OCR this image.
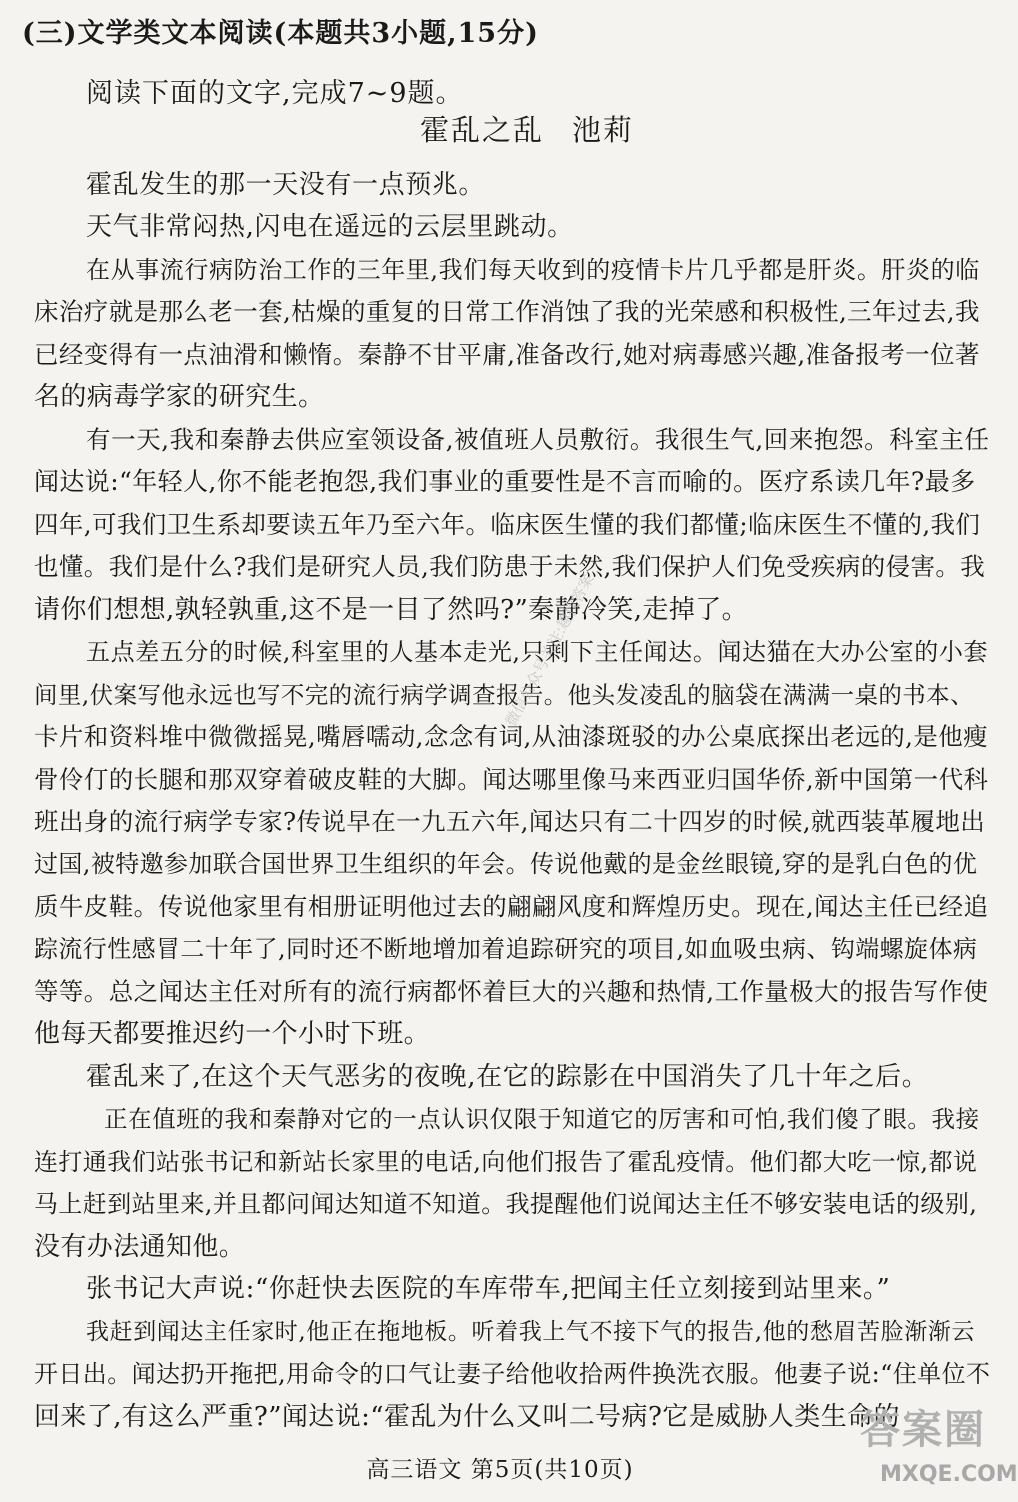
(三)文学类文本阅读(本题共3小题,15分)
阅读下面的文字,完成7~9题。
霍乱之乱 池莉
霍乱发生的那一天没有一点预兆。
天气非常闷热,闪电在遥远的云层里跳动。
在从事流行病防治工作的三年里,我们每天收到的疫情卡片几乎都是肝炎。肝炎的临
床治疗就是那么老一套,枯燥的重复的日常工作消蚀了我的光荣感和积极性,三年过去,我
已经变得有一点油滑和懒惰。秦静不甘平庸,准备改行,她对病毒感兴趣,准备报考一位著
名的病毒学家的研究生。
有一天,我和秦静去供应室领设备,被值班人员敷衍。我很生气,回来抱怨。科室主任
闻达说:“年轻人,你不能老抱怨,我们事业的重要性是不言而喻的。医疗系读几年?最多
四年,可我们卫生系却要读五年乃至六年。临床医生懂的我们都懂;临床医生不懂的,我们
也懂。我们是什么?我们是研究人员,我们防患于未然,我们保护人们免受疾病的侵害。我
请你们想想,孰轻孰重,这不是一目了然吗?”秦静冷笑,走掉了。
五点差五分的时候,科室里的人基本走光,只剩下主任闻达。闻达猫在大办公室的小套
间里,伏案写他永远也写不完的流行病学调查报告。他头发凌乱的脑袋在满满一桌的书本、
卡片和资料堆中微微摇晃,嘴唇嚅动,念念有词,从油漆斑驳的办公桌底探出老远的,是他瘦
骨伶仃的长腿和那双穿着破皮鞋的大脚。闻达哪里像马来西亚归国华侨,新中国第一代科
班出身的流行病学专家?传说早在一九五六年,闻达只有二十四岁的时候,就西装革履地出
过国,被特邀参加联合国世界卫生组织的年会。传说他戴的是金丝眼镜,穿的是乳白色的优
质牛皮鞋。传说他家里有相册证明他过去的翩翩风度和辉煌历史。现在,闻达主任已经追
踪流行性感冒二十年了,同时还不断地增加着追踪研究的项目,如血吸虫病、钩端螺旋体病
等等。总之闻达主任对所有的流行病都怀着巨大的兴趣和热情,工作量极大的报告写作使
他每天都要推迟约一个小时下班。
霍乱来了,在这个天气恶劣的夜晚,在它的踪影在中国消失了几十年之后。
正在值班的我和秦静对它的一点认识仅限于知道它的厉害和可怕,我们傻了眼。我接
连打通我们站张书记和新站长家里的电话,向他们报告了霍乱疫情。他们都大吃一惊,都说
马上赶到站里来,并且都问闻达知道不知道。我提醒他们说闻达主任不够安装电话的级别,
没有办法通知他。
张书记大声说:“你赶快去医院的车库带车,把闻主任立刻接到站里来。”
我赶到闻达主任家时,他正在拖地板。听着我上气不接下气的报告,他的愁眉苦脸渐渐云
开日出。闻达扔开拖把,用命令的口气让妻子给他收拾两件换洗衣服。他妻子说:“住单位不
回来了,有这么严重?”闻达说:“霍乱为什么又叫二号病?它是威胁人类生命的
微信公众号关注:趣找答案
高三语文 第5页(共10页)
答案圈
MXQE.COM
